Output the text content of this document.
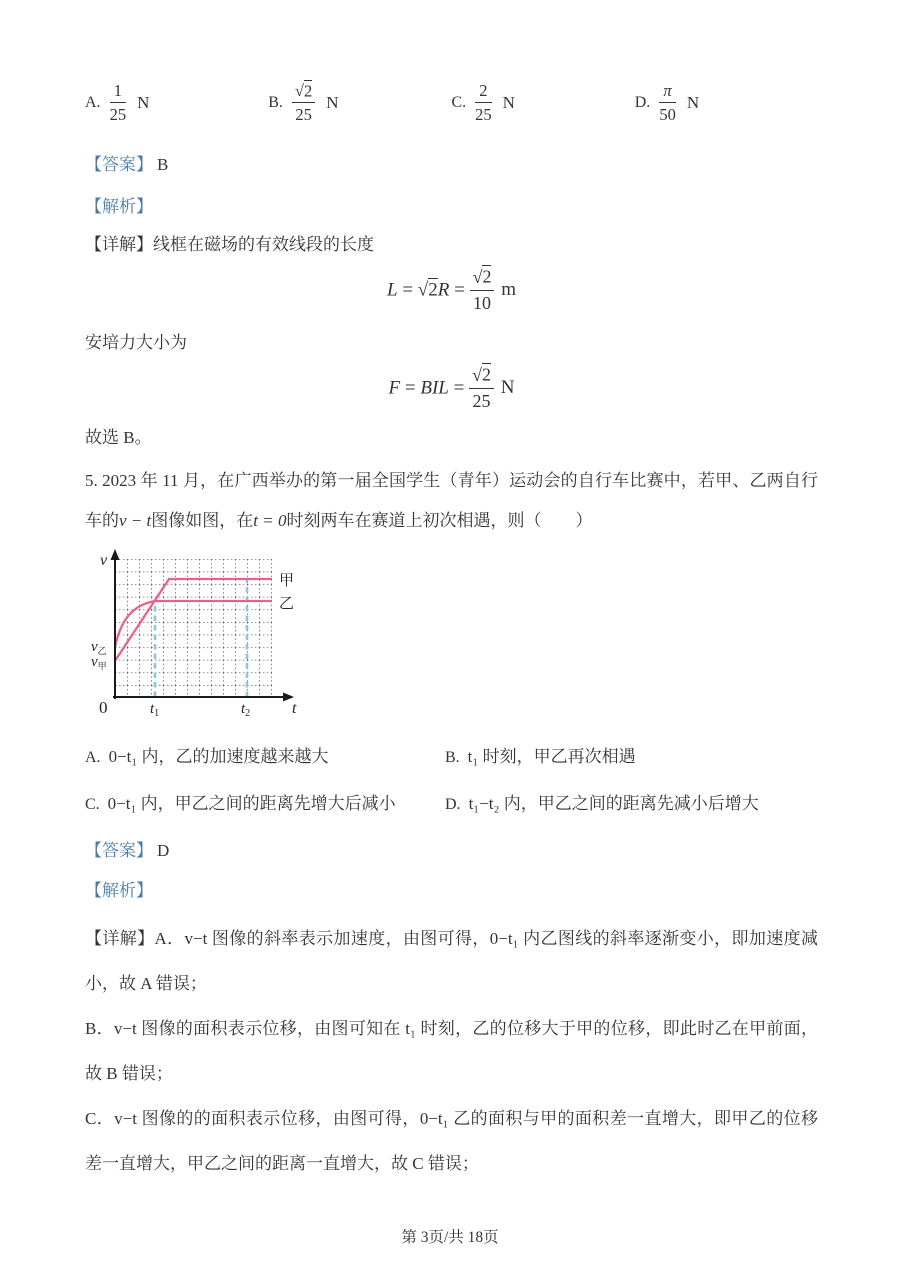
A. $\frac{1}{25}$ N	B. $\frac{√2}{25}$ N	C. $\frac{2}{25}$ N	D. $\frac{\pi}{50}$ N
【答案】 B
【解析】
【详解】线框在磁场的有效线段的长度
$L = √2R = \frac{√2}{10}$ m
安培力大小为
F = BIL = $\frac{√2}{25}$ N
故选 B。
5. 2023 年 11 月，在广西举办的第一届全国学生（青年）运动会的自行车比赛中，若甲、乙两自行车的v − t图像如图，在t = 0时刻两车在赛道上初次相遇，则（　　）
v
t
0	$t_1$	$t_2$
$v_乙$
$v_甲$
甲
乙
A. 0−t₁ 内，乙的加速度越来越大	B. t₁ 时刻，甲乙再次相遇
C. 0−t₁ 内，甲乙之间的距离先增大后减小	D. t₁−t₂ 内，甲乙之间的距离先减小后增大
【答案】 D
【解析】

【详解】A．v−t 图像的斜率表示加速度，由图可得，0−t₁ 内乙图线的斜率逐渐变小，即加速度减小，故 A 错误；

B．v−t 图像的面积表示位移，由图可知在 t₁ 时刻，乙的位移大于甲的位移，即此时乙在甲前面，故 B 错误；

C．v−t 图像的的面积表示位移，由图可得，0−t₁ 乙的面积与甲的面积差一直增大，即甲乙的位移差一直增大，甲乙之间的距离一直增大，故 C 错误；

第 3页/共 18页
